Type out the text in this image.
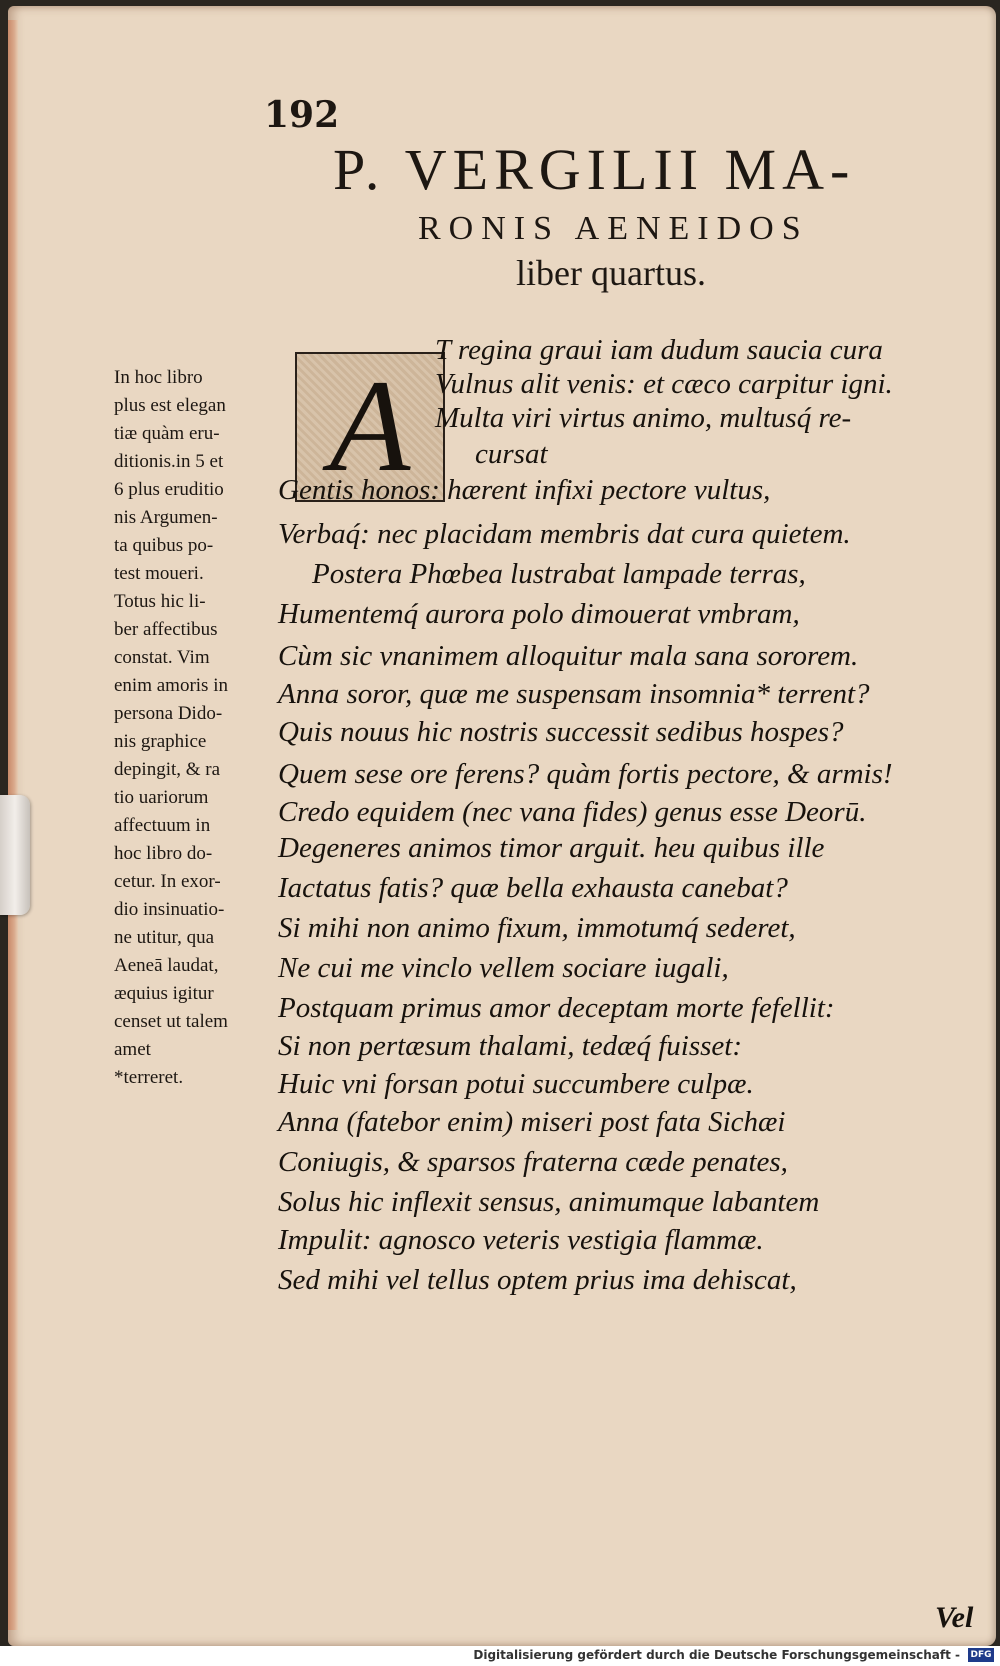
192
P. VERGILII MA-
RONIS AENEIDOS
liber quartus.
A
In hoc libro
plus est elegan
tiæ quàm eru-
ditionis.in 5 et
6 plus eruditio
nis Argumen-
ta quibus po-
test moueri.
Totus hic li-
ber affectibus
constat. Vim
enim amoris in
persona Dido-
nis graphice
depingit, & ra
tio uariorum
affectuum in
hoc libro do-
cetur. In exor-
dio insinuatio-
ne utitur, qua
Aeneā laudat,
æquius igitur
censet ut talem
amet
*terreret.
T regina graui iam dudum saucia cura
Vulnus alit venis: et cæco carpitur igni.
Multa viri virtus animo, multusq́ re-
cursat
Gentis honos: hærent infixi pectore vultus,
Verbaq́: nec placidam membris dat cura quietem.
Postera Phœbea lustrabat lampade terras,
Humentemq́ aurora polo dimouerat vmbram,
Cùm sic vnanimem alloquitur mala sana sororem.
Anna soror, quæ me suspensam insomnia* terrent?
Quis nouus hic nostris successit sedibus hospes?
Quem sese ore ferens? quàm fortis pectore, & armis!
Credo equidem (nec vana fides) genus esse Deorū.
Degeneres animos timor arguit. heu quibus ille
Iactatus fatis? quæ bella exhausta canebat?
Si mihi non animo fixum, immotumq́ sederet,
Ne cui me vinclo vellem sociare iugali,
Postquam primus amor deceptam morte fefellit:
Si non pertæsum thalami, tedæq́ fuisset:
Huic vni forsan potui succumbere culpæ.
Anna (fatebor enim) miseri post fata Sichæi
Coniugis, & sparsos fraterna cæde penates,
Solus hic inflexit sensus, animumque labantem
Impulit: agnosco veteris vestigia flammæ.
Sed mihi vel tellus optem prius ima dehiscat,
Vel
Digitalisierung gefördert durch die Deutsche Forschungsgemeinschaft - DFG
